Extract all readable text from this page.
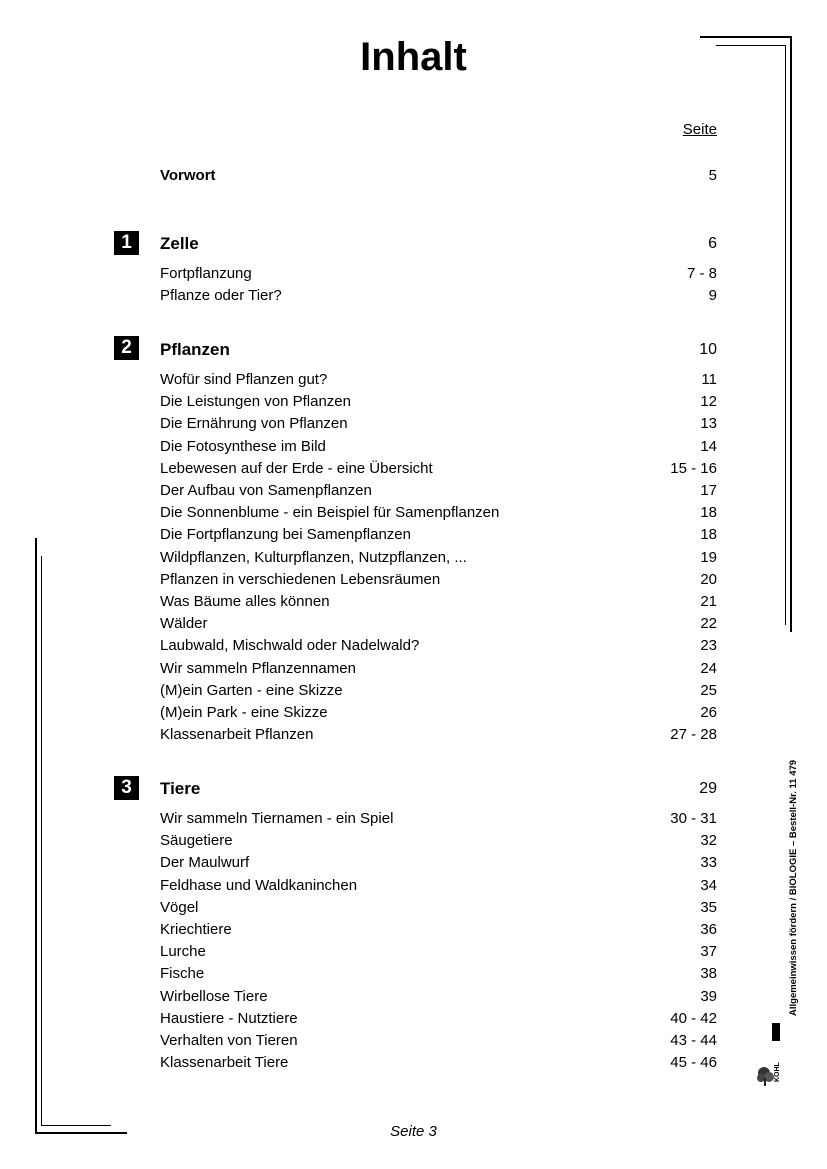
Inhalt
Seite
Vorwort	5
1	Zelle	6
Fortpflanzung	7 - 8
Pflanze oder Tier?	9
2	Pflanzen	10
Wofür sind Pflanzen gut?	11
Die Leistungen von Pflanzen	12
Die Ernährung von Pflanzen	13
Die Fotosynthese im Bild	14
Lebewesen auf der Erde - eine Übersicht	15 - 16
Der Aufbau von Samenpflanzen	17
Die Sonnenblume - ein Beispiel für Samenpflanzen	18
Die Fortpflanzung bei Samenpflanzen	18
Wildpflanzen, Kulturpflanzen, Nutzpflanzen, ...	19
Pflanzen in verschiedenen Lebensräumen	20
Was Bäume alles können	21
Wälder	22
Laubwald, Mischwald oder Nadelwald?	23
Wir sammeln Pflanzennamen	24
(M)ein Garten - eine Skizze	25
(M)ein Park - eine Skizze	26
Klassenarbeit Pflanzen	27 - 28
3	Tiere	29
Wir sammeln Tiernamen - ein Spiel	30 - 31
Säugetiere	32
Der Maulwurf	33
Feldhase und Waldkaninchen	34
Vögel	35
Kriechtiere	36
Lurche	37
Fische	38
Wirbellose Tiere	39
Haustiere - Nutztiere	40 - 42
Verhalten von Tieren	43 - 44
Klassenarbeit Tiere	45 - 46
Seite 3
Allgemeinwissen fördern / BIOLOGIE – Bestell-Nr. 11 479
KOHL
